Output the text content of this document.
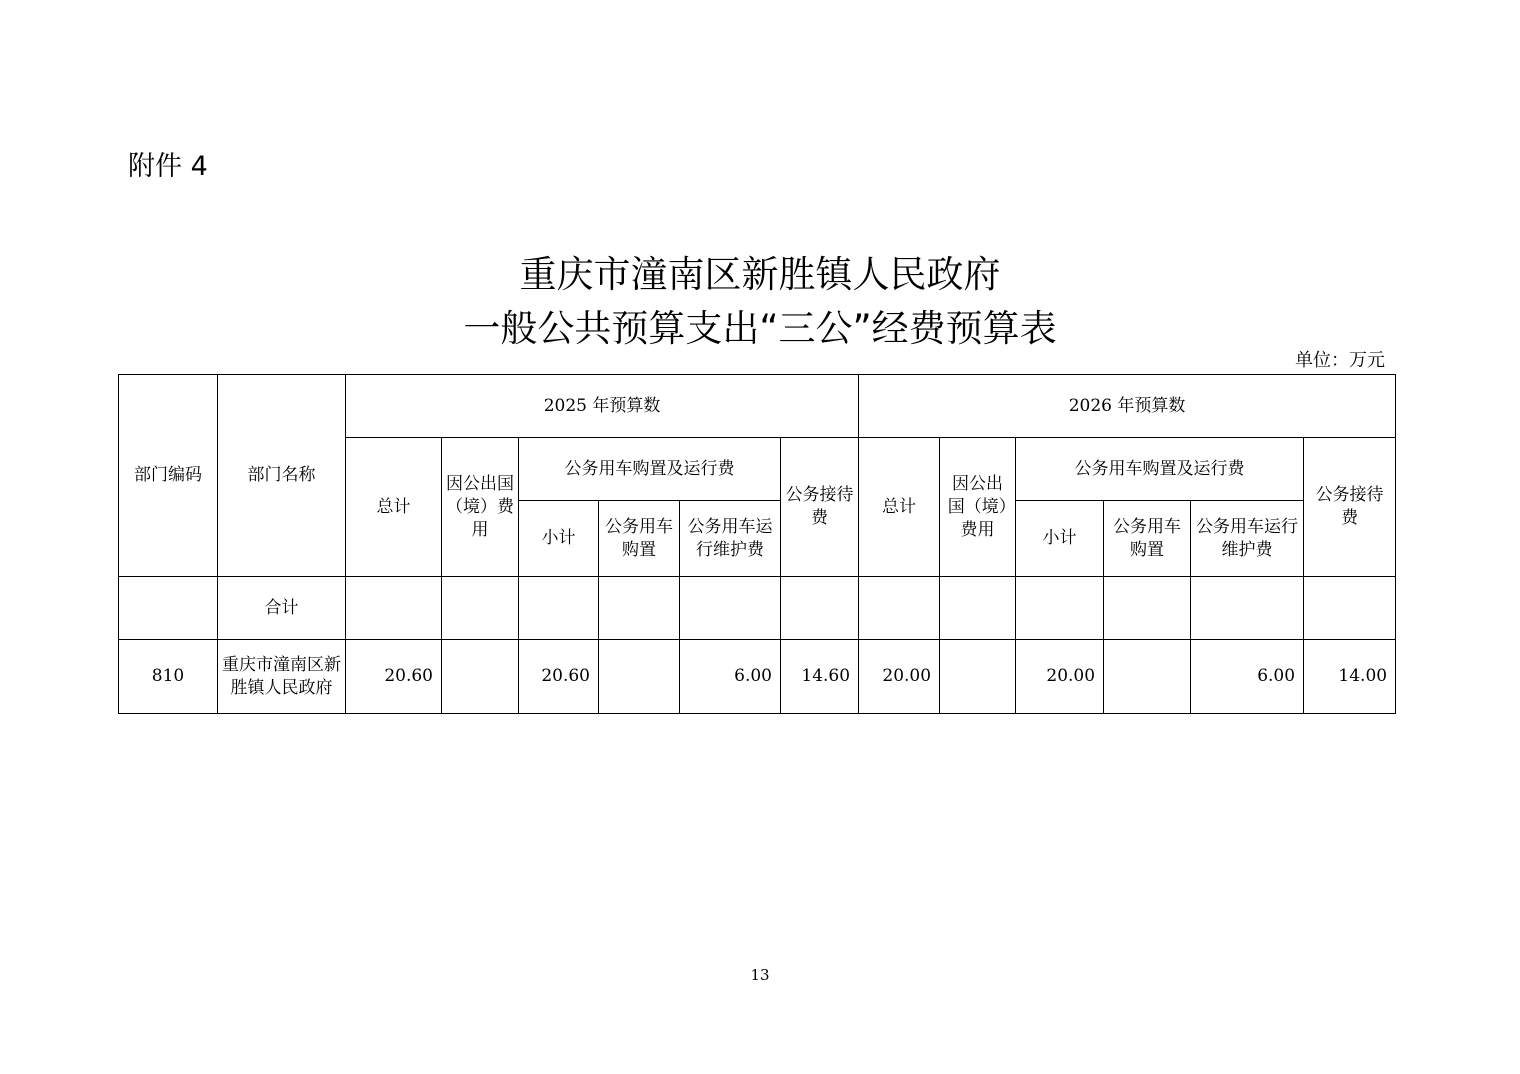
附件 4
重庆市潼南区新胜镇人民政府
一般公共预算支出“三公”经费预算表
单位：万元
部门编码	部门名称	2025 年预算数						2026 年预算数					
		总计	因公出国（境）费用	公务用车购置及运行费			公务接待费	总计	因公出国（境）费用	公务用车购置及运行费			公务接待费
				小计	公务用车购置	公务用车运行维护费				小计	公务用车购置	公务用车运行维护费	
	合计												
810	重庆市潼南区新胜镇人民政府	20.60		20.60		6.00	14.60	20.00		20.00		6.00	14.00
13
